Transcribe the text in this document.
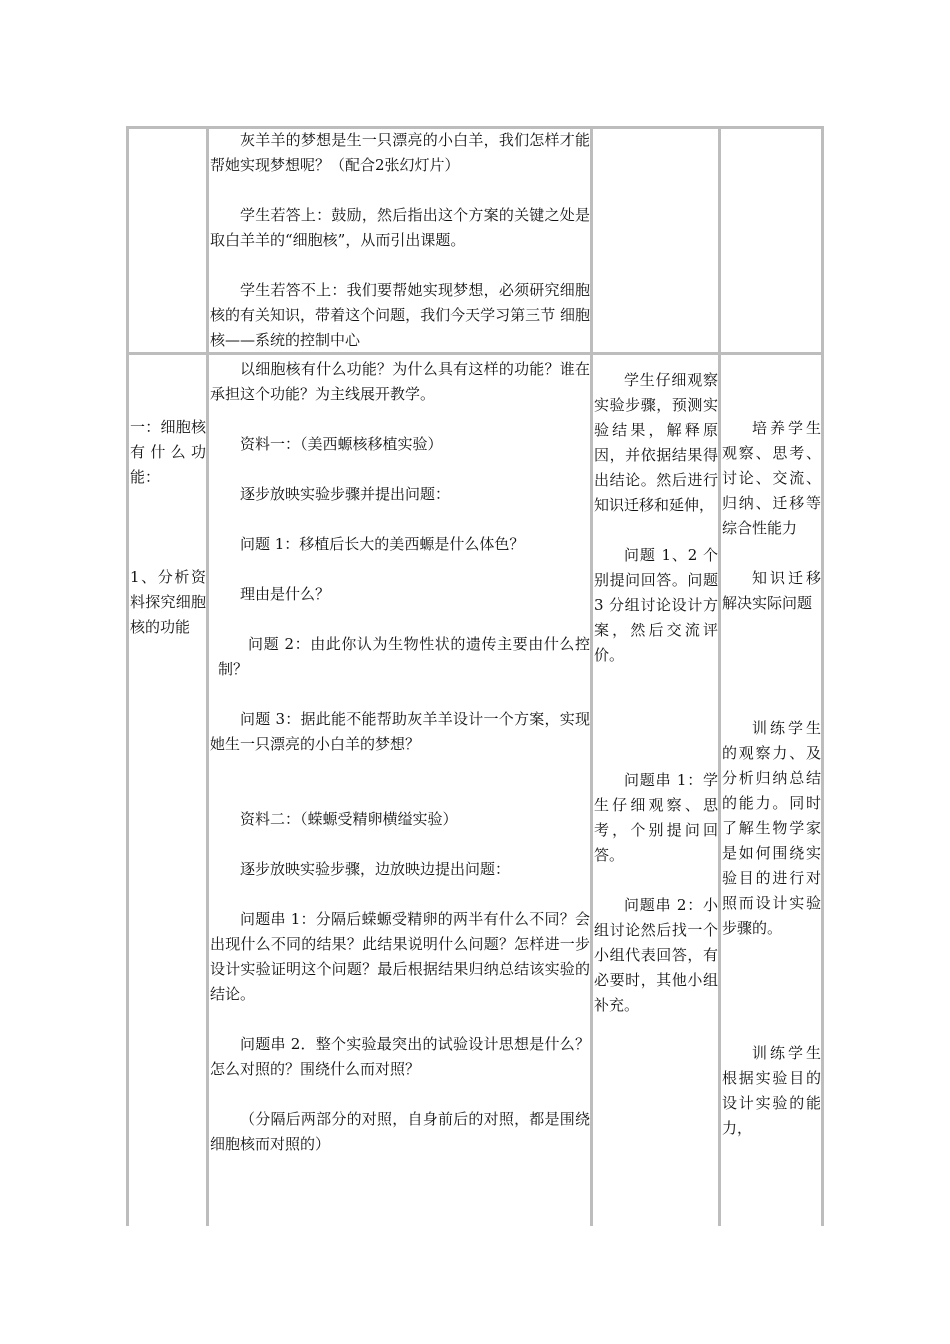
灰羊羊的梦想是生一只漂亮的小白羊，我们怎样才能帮她实现梦想呢？（配合2张幻灯片）

学生若答上：鼓励，然后指出这个方案的关键之处是取白羊羊的“细胞核”，从而引出课题。

学生若答不上：我们要帮她实现梦想，必须研究细胞核的有关知识，带着这个问题，我们今天学习第三节 细胞核——系统的控制中心

一：细胞核有什么功能：

1、分析资料探究细胞核的功能

以细胞核有什么功能？为什么具有这样的功能？谁在承担这个功能？为主线展开教学。

资料一：（美西螈核移植实验）

逐步放映实验步骤并提出问题：

问题 1：移植后长大的美西螈是什么体色？

理由是什么？

问题 2：由此你认为生物性状的遗传主要由什么控制？

问题 3：据此能不能帮助灰羊羊设计一个方案，实现她生一只漂亮的小白羊的梦想？

资料二：（蝾螈受精卵横缢实验）

逐步放映实验步骤，边放映边提出问题：

问题串 1：分隔后蝾螈受精卵的两半有什么不同？会出现什么不同的结果？此结果说明什么问题？怎样进一步设计实验证明这个问题？最后根据结果归纳总结该实验的结论。

问题串 2．整个实验最突出的试验设计思想是什么？怎么对照的？围绕什么而对照？

（分隔后两部分的对照，自身前后的对照，都是围绕细胞核而对照的）

学生仔细观察实验步骤，预测实验结果，解释原因，并依据结果得出结论。然后进行知识迁移和延伸，

问题 1、2 个别提问回答。问题 3 分组讨论设计方案，然后交流评价。

问题串 1：学生仔细观察、思考，个别提问回答。

问题串 2：小组讨论然后找一个小组代表回答，有必要时，其他小组补充。

培养学生观察、思考、讨论、交流、归纳、迁移等综合性能力

知识迁移解决实际问题

训练学生的观察力、及分析归纳总结的能力。同时了解生物学家是如何围绕实验目的进行对照而设计实验步骤的。

训练学生根据实验目的设计实验的能力，
